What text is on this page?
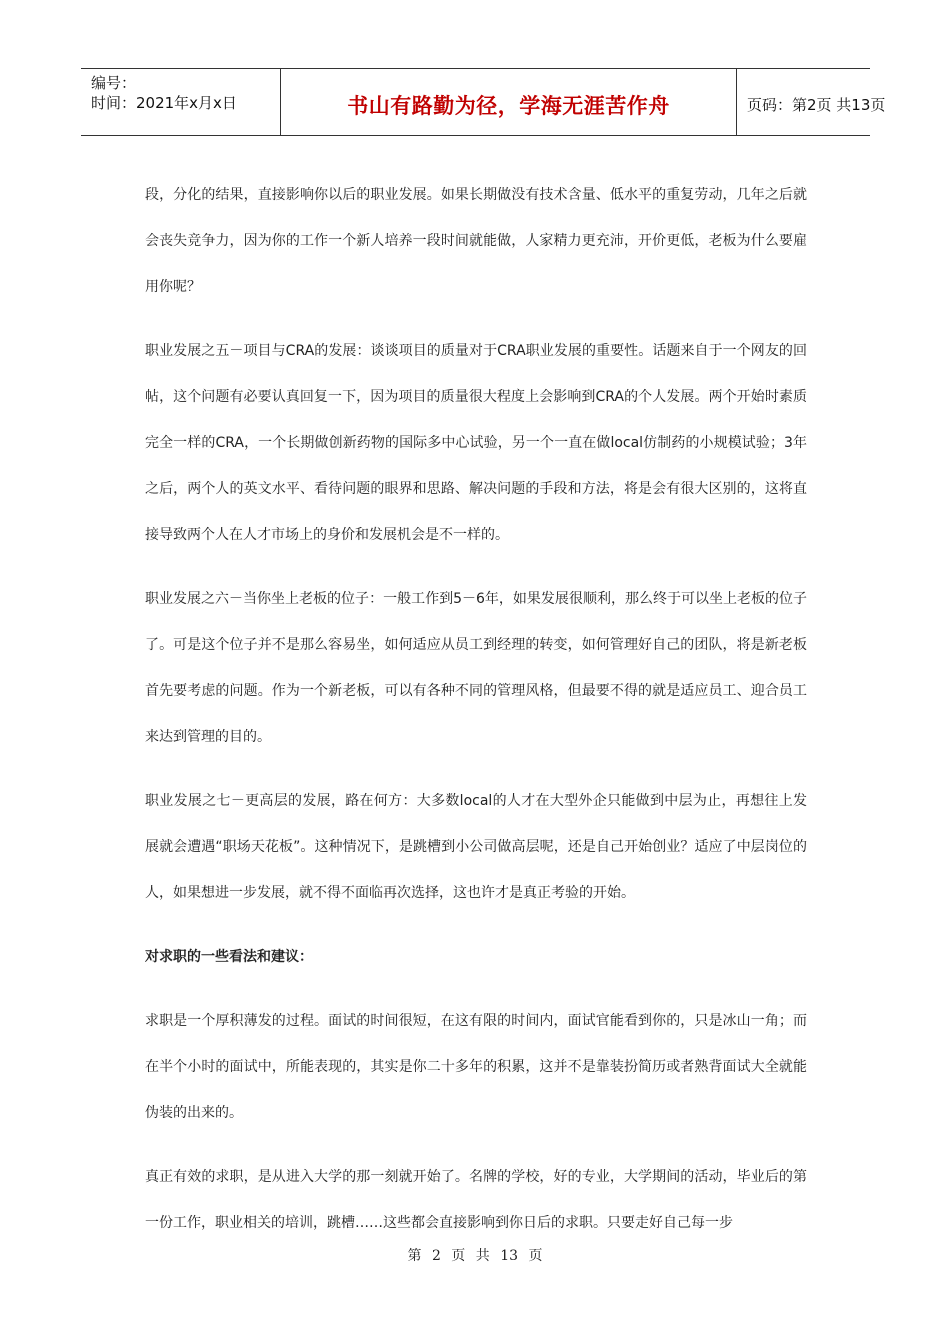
编号：
时间：2021年x月x日	书山有路勤为径，学海无涯苦作舟	页码：第2页 共13页

段，分化的结果，直接影响你以后的职业发展。如果长期做没有技术含量、低水平的重复劳动，几年之后就会丧失竞争力，因为你的工作一个新人培养一段时间就能做，人家精力更充沛，开价更低，老板为什么要雇用你呢？

职业发展之五－项目与CRA的发展：谈谈项目的质量对于CRA职业发展的重要性。话题来自于一个网友的回帖，这个问题有必要认真回复一下，因为项目的质量很大程度上会影响到CRA的个人发展。两个开始时素质完全一样的CRA，一个长期做创新药物的国际多中心试验，另一个一直在做local仿制药的小规模试验；3年之后，两个人的英文水平、看待问题的眼界和思路、解决问题的手段和方法，将是会有很大区别的，这将直接导致两个人在人才市场上的身价和发展机会是不一样的。

职业发展之六－当你坐上老板的位子：一般工作到5－6年，如果发展很顺利，那么终于可以坐上老板的位子了。可是这个位子并不是那么容易坐，如何适应从员工到经理的转变，如何管理好自己的团队，将是新老板首先要考虑的问题。作为一个新老板，可以有各种不同的管理风格，但最要不得的就是适应员工、迎合员工来达到管理的目的。

职业发展之七－更高层的发展，路在何方：大多数local的人才在大型外企只能做到中层为止，再想往上发展就会遭遇“职场天花板”。这种情况下，是跳槽到小公司做高层呢，还是自己开始创业？适应了中层岗位的人，如果想进一步发展，就不得不面临再次选择，这也许才是真正考验的开始。

对求职的一些看法和建议：

求职是一个厚积薄发的过程。面试的时间很短，在这有限的时间内，面试官能看到你的，只是冰山一角；而在半个小时的面试中，所能表现的，其实是你二十多年的积累，这并不是靠装扮简历或者熟背面试大全就能伪装的出来的。

真正有效的求职，是从进入大学的那一刻就开始了。名牌的学校，好的专业，大学期间的活动，毕业后的第一份工作，职业相关的培训，跳槽……这些都会直接影响到你日后的求职。只要走好自己每一步

第 2 页 共 13 页
